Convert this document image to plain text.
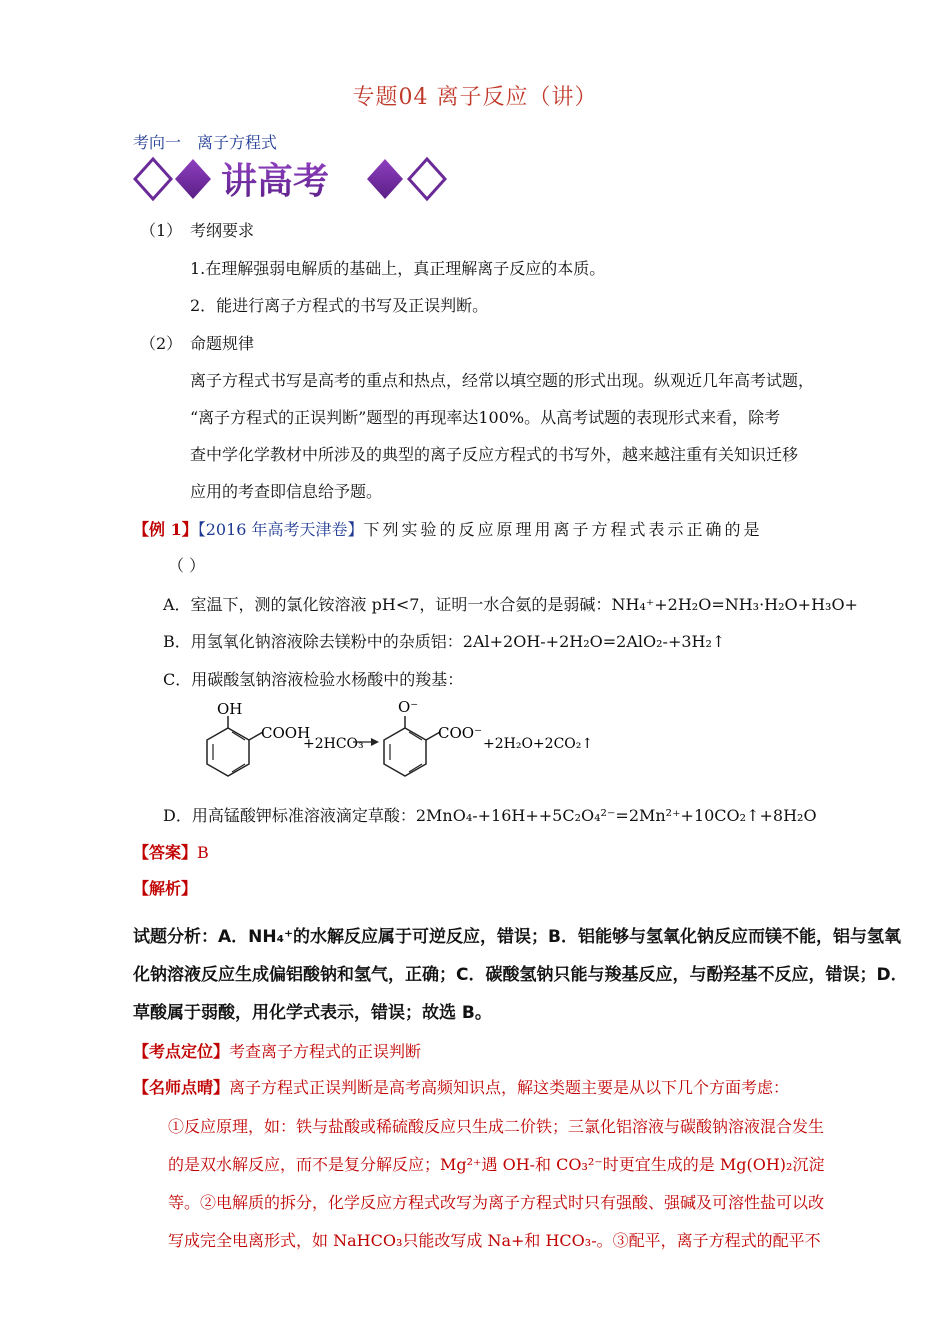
专题04 离子反应（讲）
考向一　离子方程式
讲高考
（1） 考纲要求
1.在理解强弱电解质的基础上，真正理解离子反应的本质。
2．能进行离子方程式的书写及正误判断。
（2） 命题规律
离子方程式书写是高考的重点和热点，经常以填空题的形式出现。纵观近几年高考试题，
“离子方程式的正误判断”题型的再现率达100%。从高考试题的表现形式来看，除考
查中学化学教材中所涉及的典型的离子反应方程式的书写外，越来越注重有关知识迁移
应用的考查即信息给予题。
【例 1】【2016 年高考天津卷】下列实验的反应原理用离子方程式表示正确的是
（ ）
A．室温下，测的氯化铵溶液 pH<7，证明一水合氨的是弱碱：NH₄⁺+2H₂O=NH₃·H₂O+H₃O+
B．用氢氧化钠溶液除去镁粉中的杂质铝：2Al+2OH-+2H₂O=2AlO₂-+3H₂↑
C．用碳酸氢钠溶液检验水杨酸中的羧基：
OH
COOH
+2HCO₃
O⁻
COO⁻
+2H₂O+2CO₂↑
D．用高锰酸钾标准溶液滴定草酸：2MnO₄-+16H++5C₂O₄²⁻=2Mn²⁺+10CO₂↑+8H₂O
【答案】B
【解析】
试题分析：A．NH₄⁺的水解反应属于可逆反应，错误；B．铝能够与氢氧化钠反应而镁不能，铝与氢氧化钠溶液反应生成偏铝酸钠和氢气，正确；C．碳酸氢钠只能与羧基反应，与酚羟基不反应，错误；D．草酸属于弱酸，用化学式表示，错误；故选 B。
【考点定位】考查离子方程式的正误判断
【名师点晴】离子方程式正误判断是高考高频知识点，解这类题主要是从以下几个方面考虑：
①反应原理，如：铁与盐酸或稀硫酸反应只生成二价铁；三氯化铝溶液与碳酸钠溶液混合发生的是双水解反应，而不是复分解反应；Mg²⁺遇 OH-和 CO₃²⁻时更宜生成的是 Mg(OH)₂沉淀等。②电解质的拆分，化学反应方程式改写为离子方程式时只有强酸、强碱及可溶性盐可以改写成完全电离形式，如 NaHCO₃只能改写成 Na+和 HCO₃-。③配平，离子方程式的配平不
